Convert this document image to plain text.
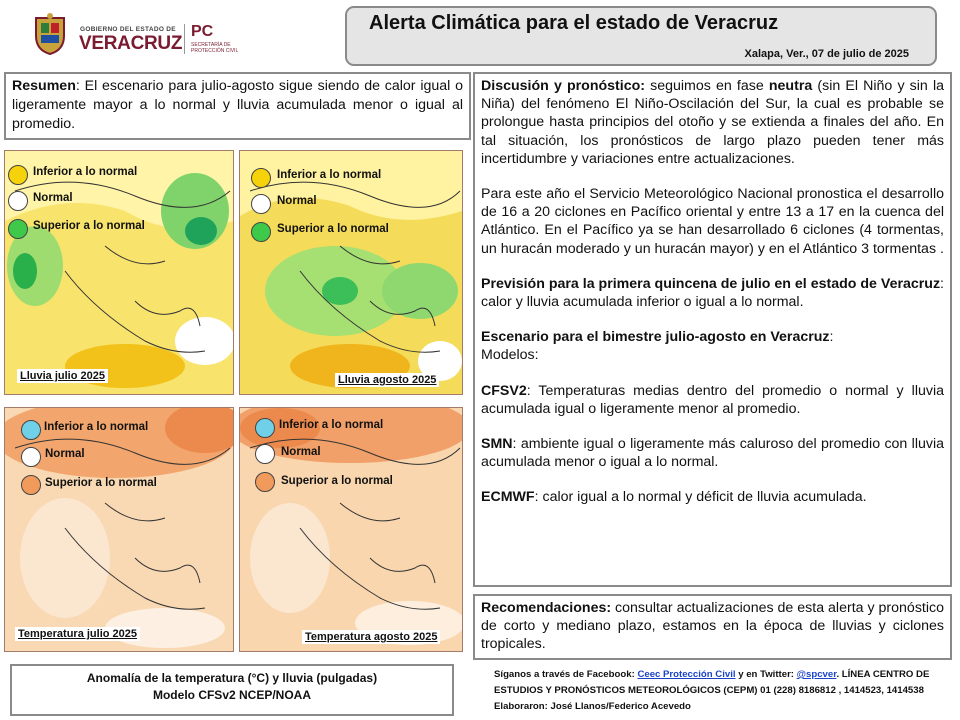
GOBIERNO DEL ESTADO DE
VERACRUZ
PC
SECRETARÍA DE
PROTECCIÓN CIVIL
Alerta Climática para el estado de Veracruz
Xalapa, Ver., 07 de julio de 2025
Resumen: El escenario para julio-agosto sigue siendo de calor igual o ligeramente mayor a lo normal y lluvia acumulada menor o igual al promedio.
Lluvia julio 2025
Inferior a lo normal
Normal
Superior a lo normal
Lluvia agosto 2025
Inferior a lo normal
Normal
Superior a lo normal
Temperatura julio 2025
Inferior a lo normal
Normal
Superior a lo normal
Temperatura agosto 2025
Inferior a lo normal
Normal
Superior a lo normal

Discusión y pronóstico: seguimos en fase neutra (sin El Niño y sin la Niña) del fenómeno El Niño-Oscilación del Sur, la cual es probable se prolongue hasta principios del otoño y se extienda a finales del año. En tal situación, los pronósticos de largo plazo pueden tener más incertidumbre y variaciones entre actualizaciones.

Para este año el Servicio Meteorológico Nacional pronostica el desarrollo de 16 a 20 ciclones en Pacífico oriental y entre 13 a 17 en la cuenca del Atlántico. En el Pacífico ya se han desarrollado 6 ciclones (4 tormentas, un huracán moderado y un huracán mayor) y en el Atlántico 3 tormentas .

Previsión para la primera quincena de julio en el estado de Veracruz: calor y lluvia acumulada inferior o igual a lo normal.

Escenario para el bimestre julio-agosto en Veracruz:
Modelos:

CFSV2: Temperaturas medias dentro del promedio o normal y lluvia acumulada igual o ligeramente menor al promedio.

SMN: ambiente igual o ligeramente más caluroso del promedio con lluvia acumulada menor o igual a lo normal.

ECMWF: calor igual a lo normal y déficit de lluvia acumulada.

Recomendaciones: consultar actualizaciones de esta alerta y pronóstico de corto y mediano plazo, estamos en la época de lluvias y ciclones tropicales.
Anomalía de la temperatura (°C) y lluvia (pulgadas)
Modelo CFSv2 NCEP/NOAA
Síganos a través de Facebook: Ceec Protección Civil y en Twitter: @spcver. LÍNEA CENTRO DE ESTUDIOS Y PRONÓSTICOS METEOROLÓGICOS (CEPM) 01 (228) 8186812 , 1414523, 1414538 Elaboraron: José Llanos/Federico Acevedo
